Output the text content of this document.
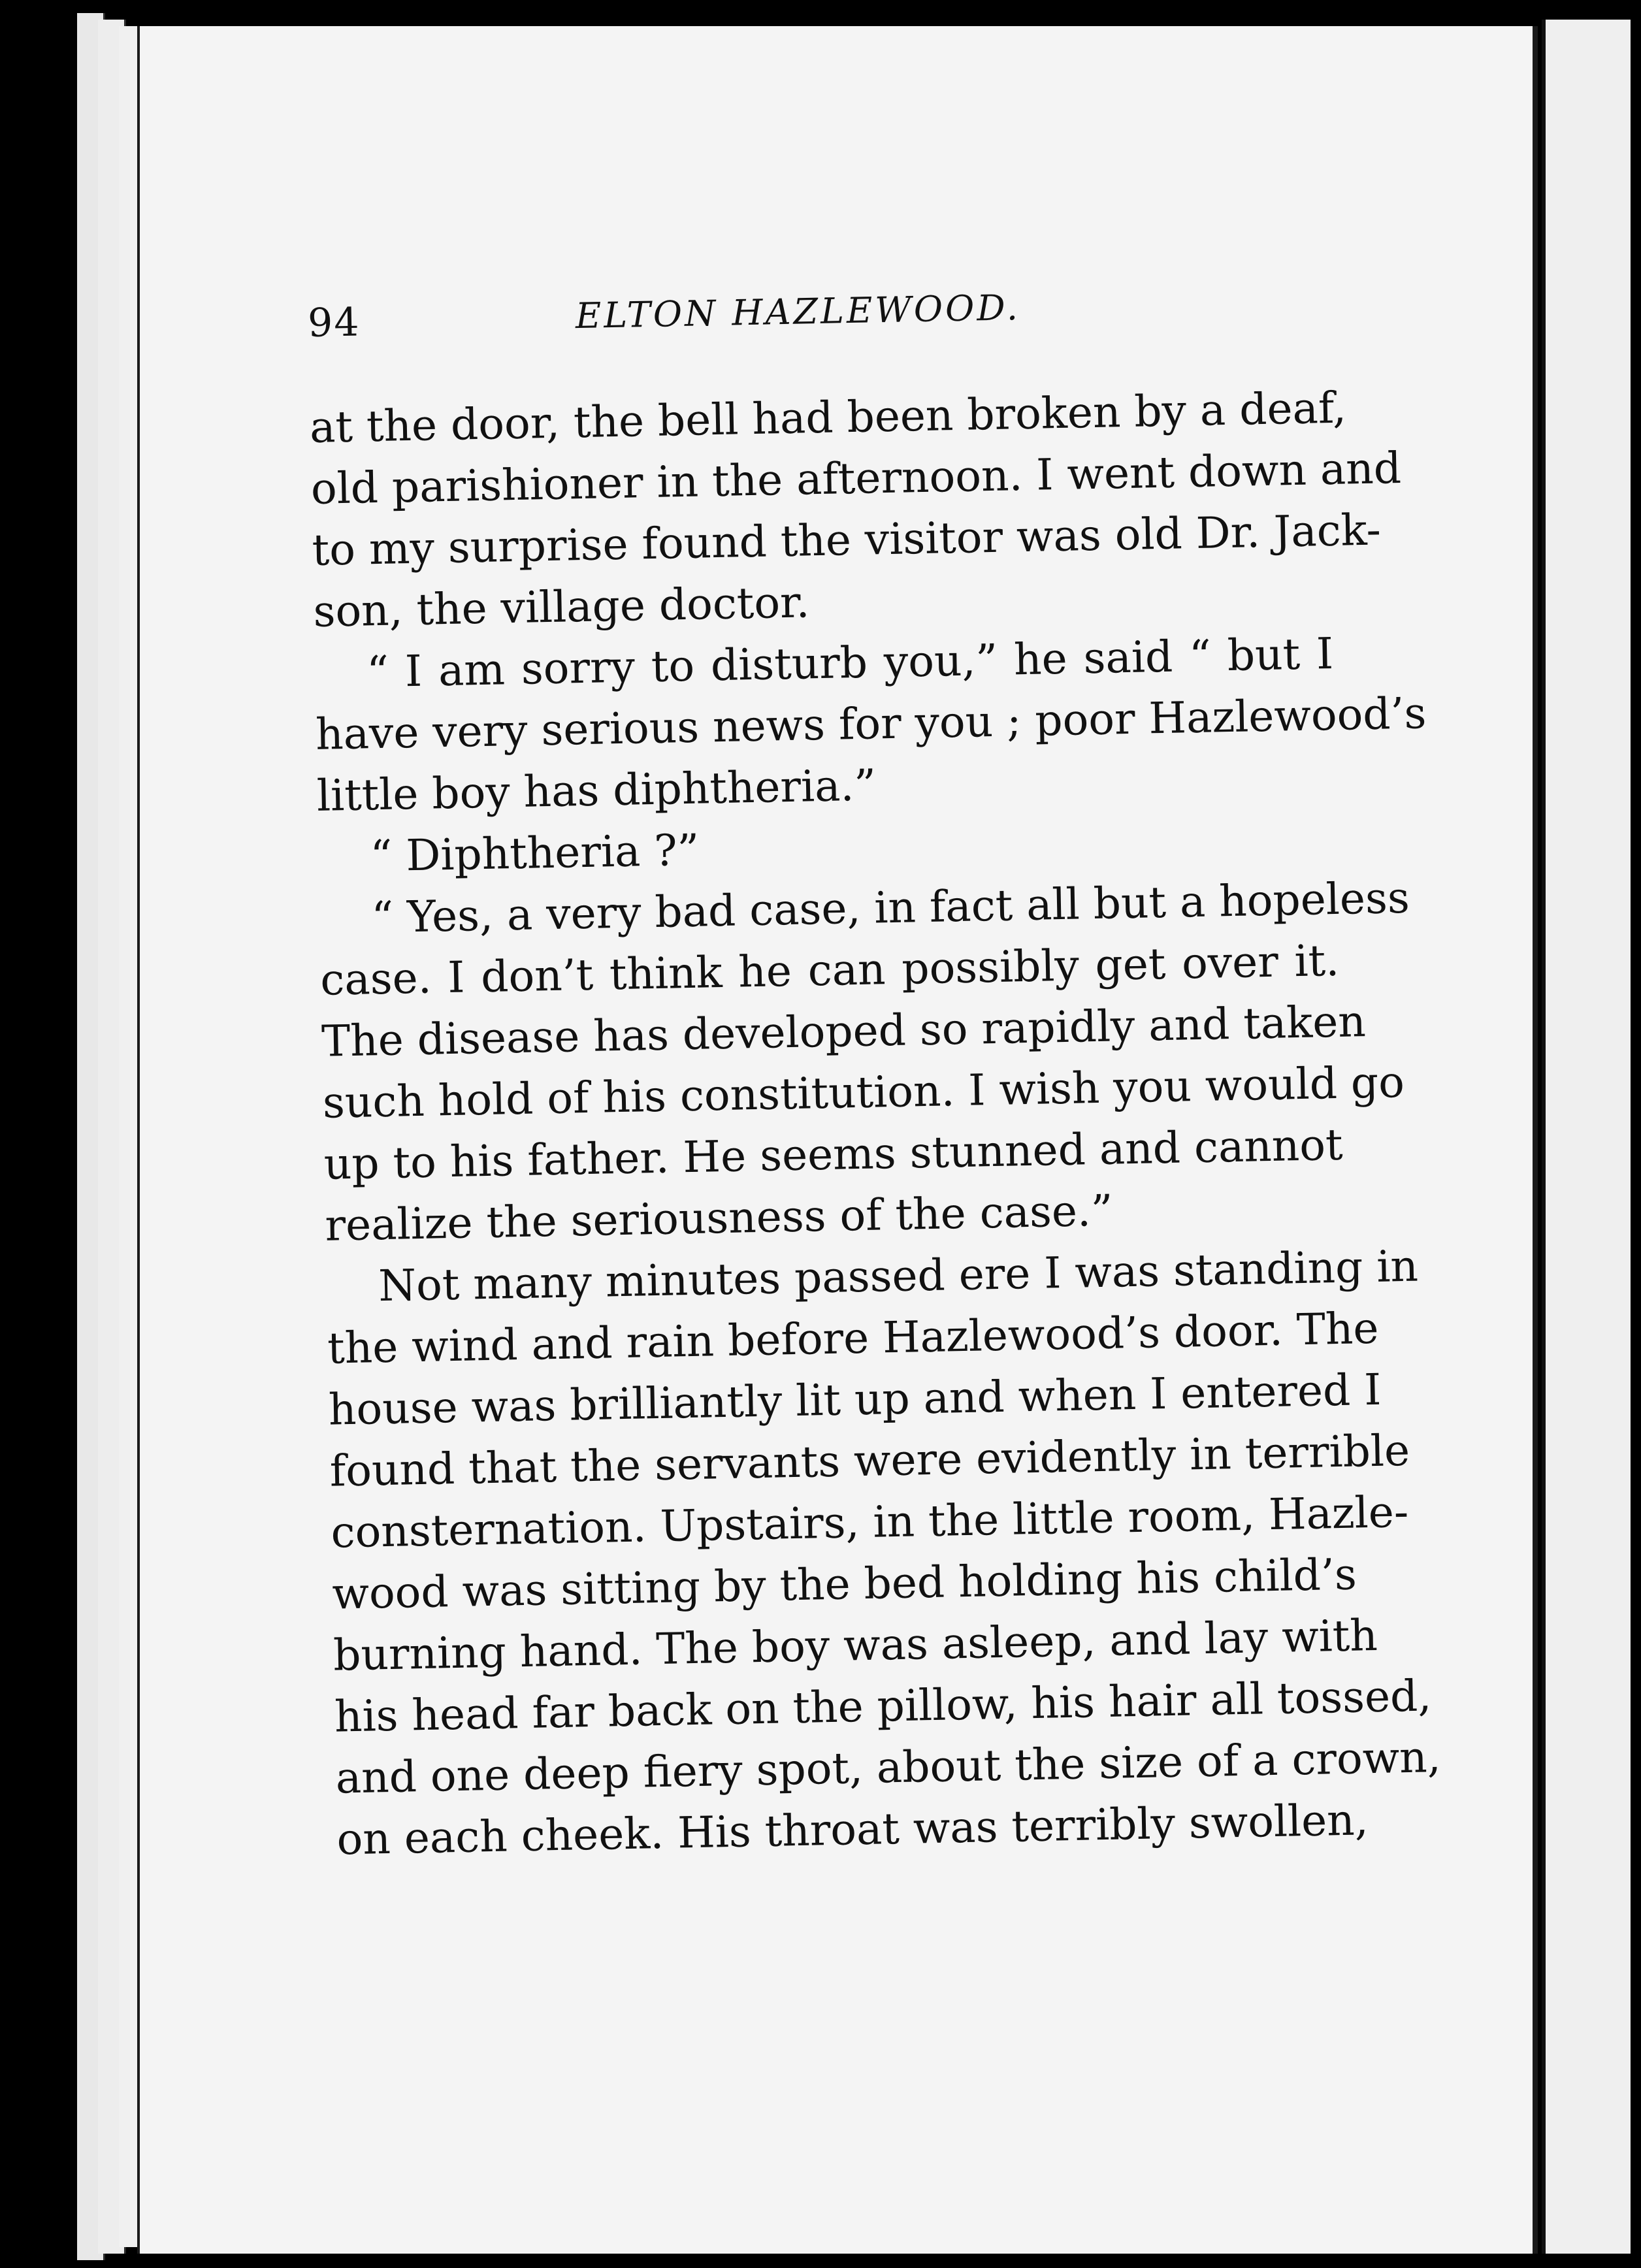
94	ELTON HAZLEWOOD.
at the door, the bell had been broken by a deaf,
old parishioner in the afternoon. I went down and
to my surprise found the visitor was old Dr. Jack-
son, the village doctor.
“ I am sorry to disturb you,” he said “ but I
have very serious news for you ; poor Hazlewood’s
little boy has diphtheria.”
“ Diphtheria ?”
“ Yes, a very bad case, in fact all but a hopeless
case. I don’t think he can possibly get over it.
The disease has developed so rapidly and taken
such hold of his constitution. I wish you would go
up to his father. He seems stunned and cannot
realize the seriousness of the case.”
Not many minutes passed ere I was standing in
the wind and rain before Hazlewood’s door. The
house was brilliantly lit up and when I entered I
found that the servants were evidently in terrible
consternation. Upstairs, in the little room, Hazle-
wood was sitting by the bed holding his child’s
burning hand. The boy was asleep, and lay with
his head far back on the pillow, his hair all tossed,
and one deep fiery spot, about the size of a crown,
on each cheek. His throat was terribly swollen,
